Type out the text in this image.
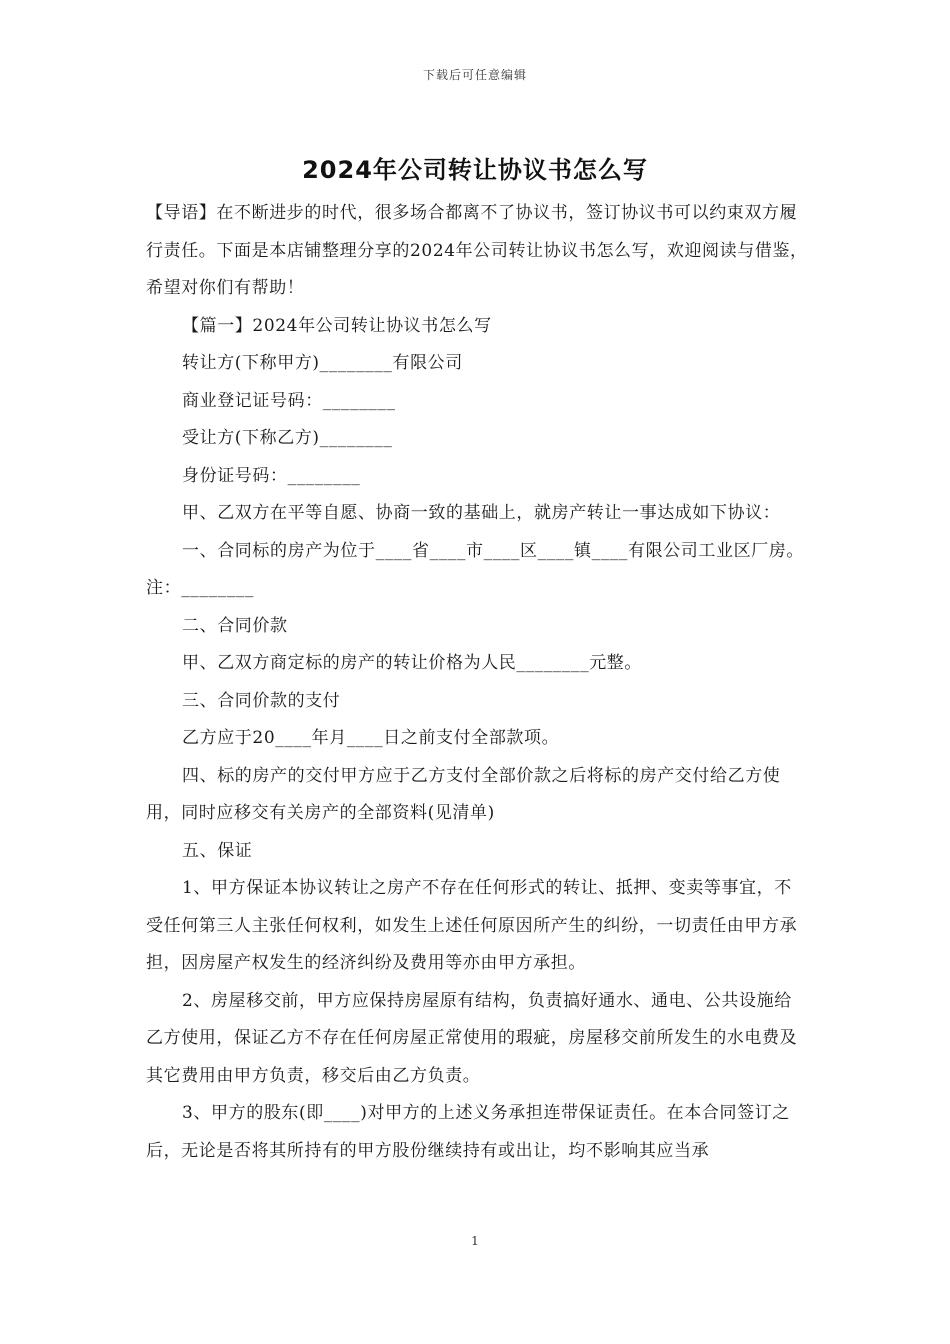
下载后可任意编辑
2024年公司转让协议书怎么写

【导语】在不断进步的时代，很多场合都离不了协议书，签订协议书可以约束双方履行责任。下面是本店铺整理分享的2024年公司转让协议书怎么写，欢迎阅读与借鉴，希望对你们有帮助！

【篇一】2024年公司转让协议书怎么写

转让方(下称甲方)________有限公司

商业登记证号码：________

受让方(下称乙方)________

身份证号码：________

甲、乙双方在平等自愿、协商一致的基础上，就房产转让一事达成如下协议：

一、合同标的房产为位于____省____市____区____镇____有限公司工业区厂房。注：________

二、合同价款

甲、乙双方商定标的房产的转让价格为人民________元整。

三、合同价款的支付

乙方应于20____年月____日之前支付全部款项。

四、标的房产的交付甲方应于乙方支付全部价款之后将标的房产交付给乙方使用，同时应移交有关房产的全部资料(见清单)

五、保证

1、甲方保证本协议转让之房产不存在任何形式的转让、抵押、变卖等事宜，不受任何第三人主张任何权利，如发生上述任何原因所产生的纠纷，一切责任由甲方承担，因房屋产权发生的经济纠纷及费用等亦由甲方承担。

2、房屋移交前，甲方应保持房屋原有结构，负责搞好通水、通电、公共设施给乙方使用，保证乙方不存在任何房屋正常使用的瑕疵，房屋移交前所发生的水电费及其它费用由甲方负责，移交后由乙方负责。

3、甲方的股东(即____)对甲方的上述义务承担连带保证责任。在本合同签订之后，无论是否将其所持有的甲方股份继续持有或出让，均不影响其应当承

1
